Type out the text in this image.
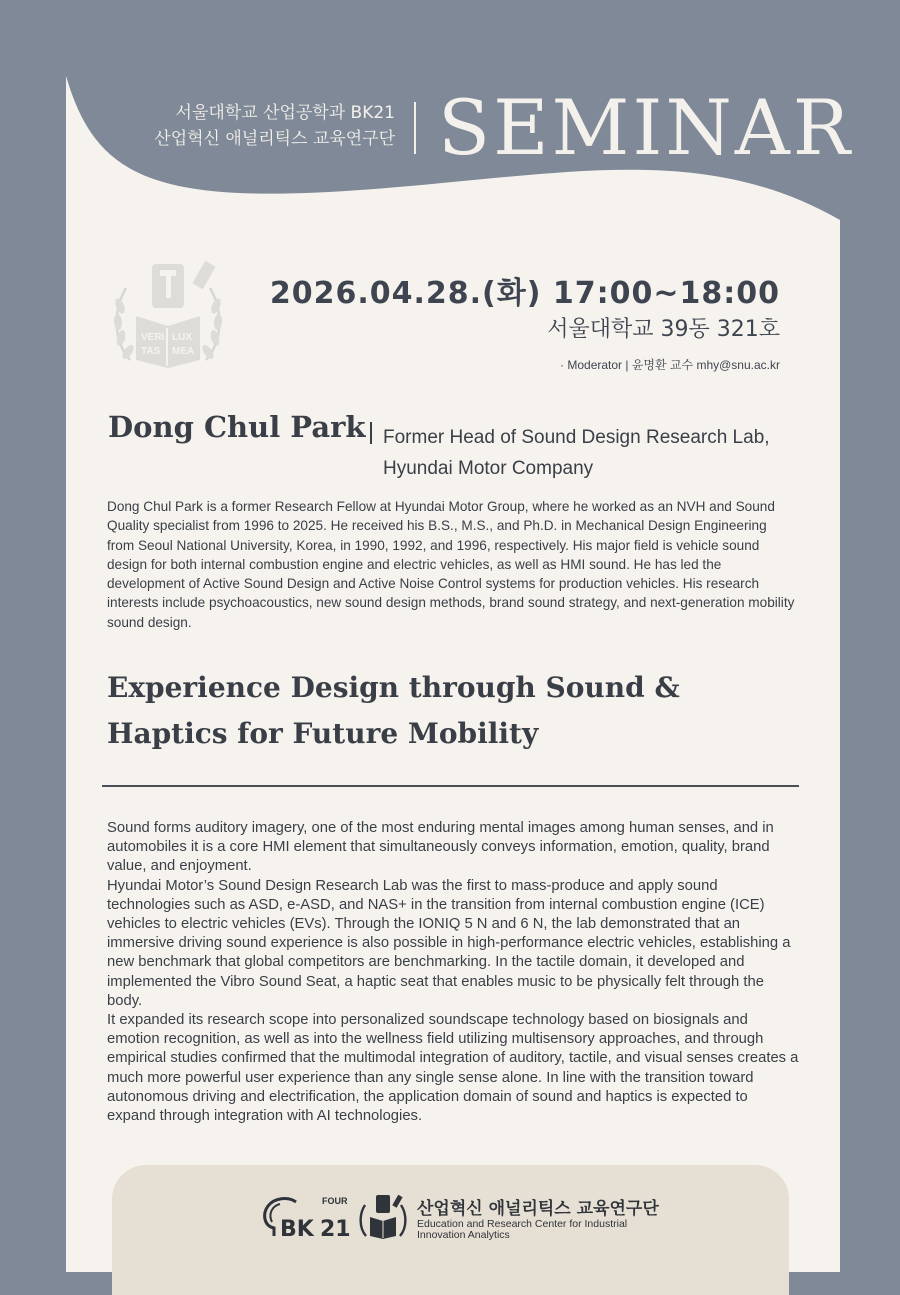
서울대학교 산업공학과 BK21
산업혁신 애널리틱스 교육연구단 SEMINAR
VERI LUX
TAS MEA
2026.04.28.(화) 17:00~18:00
서울대학교 39동 321호
· Moderator | 윤명환 교수 mhy@snu.ac.kr
Dong Chul Park Former Head of Sound Design Research Lab,
Hyundai Motor Company

Dong Chul Park is a former Research Fellow at Hyundai Motor Group, where he worked as an NVH and Sound Quality specialist from 1996 to 2025. He received his B.S., M.S., and Ph.D. in Mechanical Design Engineering from Seoul National University, Korea, in 1990, 1992, and 1996, respectively. His major field is vehicle sound design for both internal combustion engine and electric vehicles, as well as HMI sound. He has led the development of Active Sound Design and Active Noise Control systems for production vehicles. His research interests include psychoacoustics, new sound design methods, brand sound strategy, and next-generation mobility sound design.

Experience Design through Sound &
Haptics for Future Mobility

Sound forms auditory imagery, one of the most enduring mental images among human senses, and in automobiles it is a core HMI element that simultaneously conveys information, emotion, quality, brand value, and enjoyment.

Hyundai Motor’s Sound Design Research Lab was the first to mass-produce and apply sound technologies such as ASD, e-ASD, and NAS+ in the transition from internal combustion engine (ICE) vehicles to electric vehicles (EVs). Through the IONIQ 5 N and 6 N, the lab demonstrated that an immersive driving sound experience is also possible in high-performance electric vehicles, establishing a new benchmark that global competitors are benchmarking. In the tactile domain, it developed and implemented the Vibro Sound Seat, a haptic seat that enables music to be physically felt through the body.

It expanded its research scope into personalized soundscape technology based on biosignals and emotion recognition, as well as into the wellness field utilizing multisensory approaches, and through empirical studies confirmed that the multimodal integration of auditory, tactile, and visual senses creates a much more powerful user experience than any single sense alone. In line with the transition toward autonomous driving and electrification, the application domain of sound and haptics is expected to expand through integration with AI technologies.

FOUR
BK 21
산업혁신 애널리틱스 교육연구단
Education and Research Center for Industrial
Innovation Analytics
